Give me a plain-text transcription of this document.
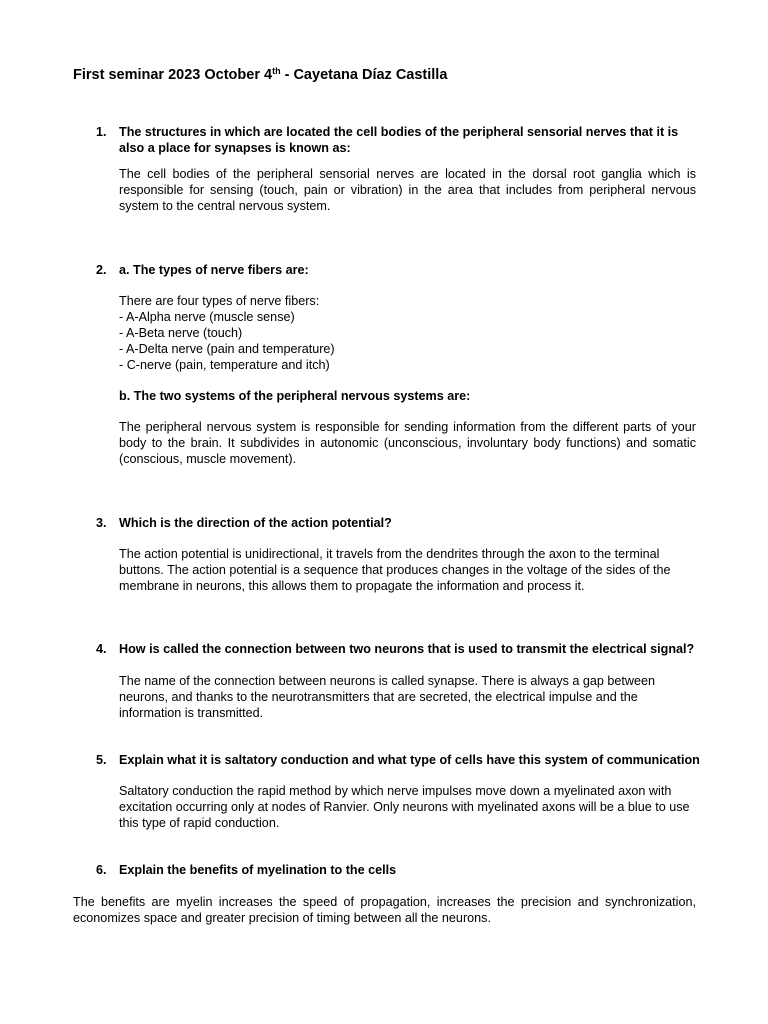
First seminar 2023 October 4th - Cayetana Díaz Castilla
1. The structures in which are located the cell bodies of the peripheral sensorial nerves that it is also a place for synapses is known as:
The cell bodies of the peripheral sensorial nerves are located in the dorsal root ganglia which is responsible for sensing (touch, pain or vibration) in the area that includes from peripheral nervous system to the central nervous system.
2. a. The types of nerve fibers are:
There are four types of nerve fibers:
- A-Alpha nerve (muscle sense)
- A-Beta nerve (touch)
- A-Delta nerve (pain and temperature)
- C-nerve (pain, temperature and itch)
b. The two systems of the peripheral nervous systems are:
The peripheral nervous system is responsible for sending information from the different parts of your body to the brain. It subdivides in autonomic (unconscious, involuntary body functions) and somatic (conscious, muscle movement).
3. Which is the direction of the action potential?
The action potential is unidirectional, it travels from the dendrites through the axon to the terminal buttons. The action potential is a sequence that produces changes in the voltage of the sides of the membrane in neurons, this allows them to propagate the information and process it.
4. How is called the connection between two neurons that is used to transmit the electrical signal?
The name of the connection between neurons is called synapse. There is always a gap between neurons, and thanks to the neurotransmitters that are secreted, the electrical impulse and the information is transmitted.
5. Explain what it is saltatory conduction and what type of cells have this system of communication
Saltatory conduction the rapid method by which nerve impulses move down a myelinated axon with excitation occurring only at nodes of Ranvier. Only neurons with myelinated axons will be a blue to use this type of rapid conduction.
6. Explain the benefits of myelination to the cells
The benefits are myelin increases the speed of propagation, increases the precision and synchronization, economizes space and greater precision of timing between all the neurons.
